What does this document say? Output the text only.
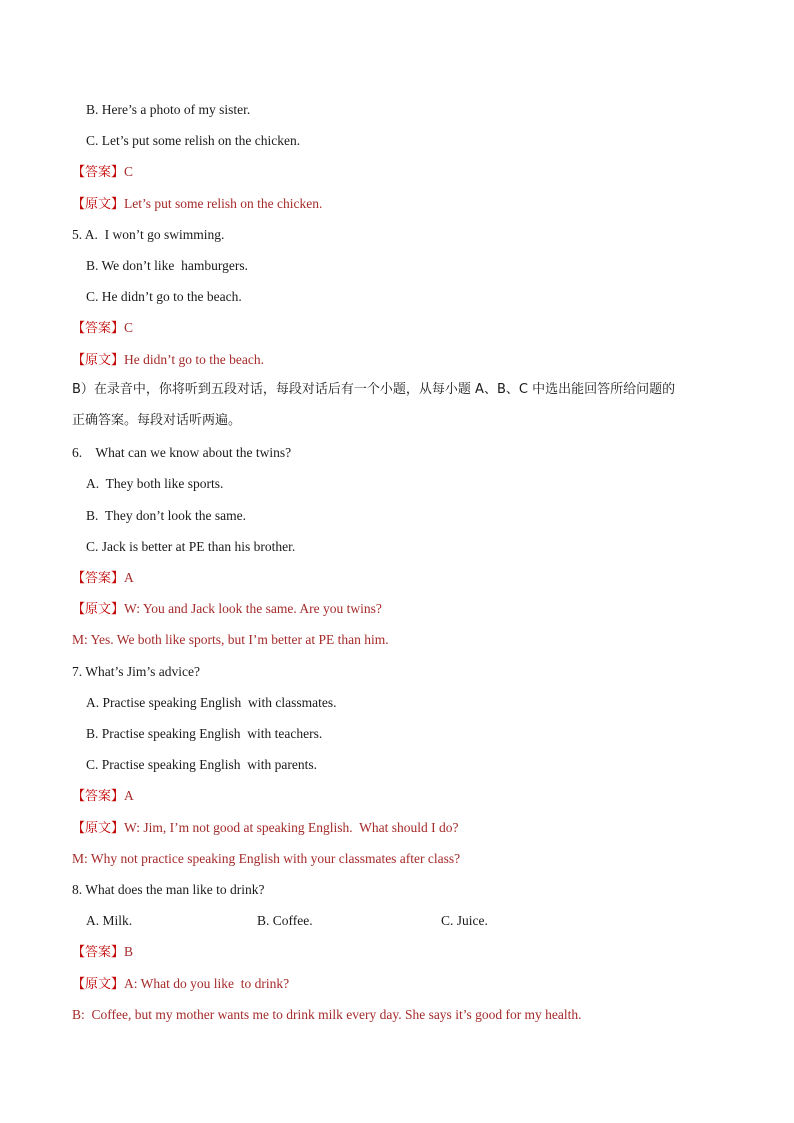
B. Here’s a photo of my sister.
C. Let’s put some relish on the chicken.
【答案】C
【原文】Let’s put some relish on the chicken.
5. A.  I won’t go swimming.
B. We don’t like  hamburgers.
C. He didn’t go to the beach.
【答案】C
【原文】He didn’t go to the beach.
B）在录音中，你将听到五段对话，每段对话后有一个小题，从每小题 A、B、C 中选出能回答所给问题的
正确答案。每段对话听两遍。
6.    What can we know about the twins?
A.  They both like sports.
B.  They don’t look the same.
C. Jack is better at PE than his brother.
【答案】A
【原文】W: You and Jack look the same. Are you twins?
M: Yes. We both like sports, but I’m better at PE than him.
7. What’s Jim’s advice?
A. Practise speaking English  with classmates.
B. Practise speaking English  with teachers.
C. Practise speaking English  with parents.
【答案】A
【原文】W: Jim, I’m not good at speaking English.  What should I do?
M: Why not practice speaking English with your classmates after class?
8. What does the man like to drink?

A. Milk.

	B. Coffee.

	C. Juice.

【答案】B
【原文】A: What do you like  to drink?
B:  Coffee, but my mother wants me to drink milk every day. She says it’s good for my health.
